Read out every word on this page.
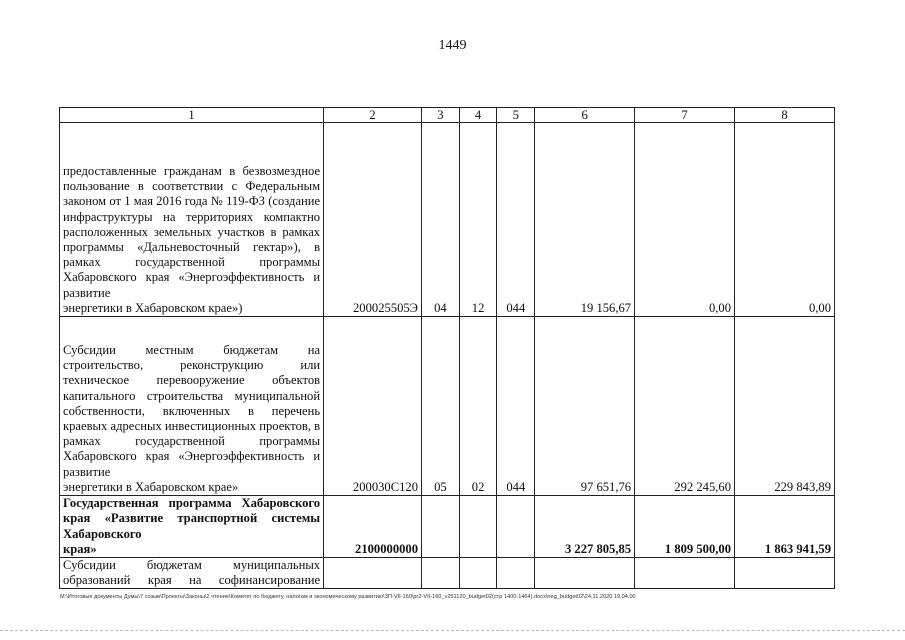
1449
1	2	3	4	5	6	7	8
предоставленные гражданам в безвозмездное пользование в соответствии с Федеральным законом от 1 мая 2016 года № 119-ФЗ (создание инфраструктуры на территориях компактно расположенных земельных участков в рамках программы «Дальневосточный гектар»), в рамках государственной программы Хабаровского края «Энергоэффективность и развитие
энергетики в Хабаровском крае»)	200025505Э	04	12	044	19 156,67	0,00	0,00
Субсидии местным бюджетам на строительство, реконструкцию или техническое перевооружение объектов капитального строительства муниципальной собственности, включенных в перечень краевых адресных инвестиционных проектов, в рамках государственной программы Хабаровского края «Энергоэффективность и развитие
энергетики в Хабаровском крае»	200030С120	05	02	044	97 651,76	292 245,60	229 843,89
Государственная программа Хабаровского края «Развитие транспортной системы Хабаровского
края»	2100000000				3 227 805,85	1 809 500,00	1 863 941,59
Субсидии бюджетам муниципальных образований края на софинансирование							
M:\Итоговые документы Думы\7 созыв\Проекты\Законы\2 чтение\Комитет по бюджету, налогам и экономическому развитию\ЗП-VII-160\pr2-VII-160_v251120_budget02(стр 1400-1464).docx\neg_budget02\24.11.2020 19.04.00
